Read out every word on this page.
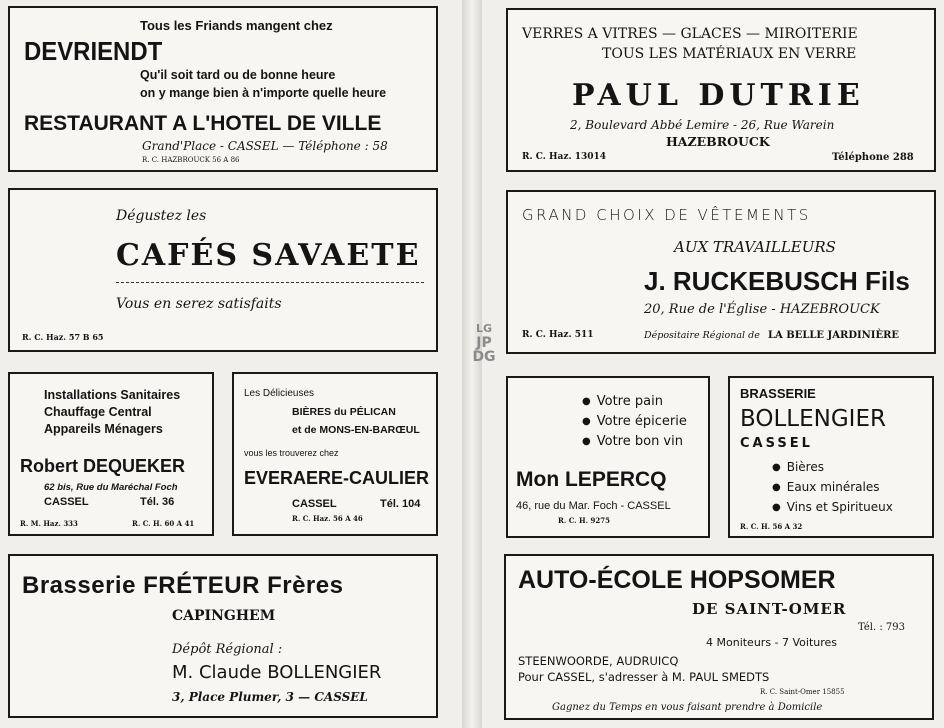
LG
JP
DG
Tous les Friands mangent chez
DEVRIENDT
Qu'il soit tard ou de bonne heure
on y mange bien à n'importe quelle heure
RESTAURANT A L'HOTEL DE VILLE
Grand'Place - CASSEL — Téléphone : 58
R. C. HAZBROUCK 56 A 86
Dégustez les
CAFÉS SAVAETE
Vous en serez satisfaits
R. C. Haz. 57 B 65
Installations Sanitaires
Chauffage Central
Appareils Ménagers
Robert DEQUEKER
62 bis, Rue du Maréchal Foch
CASSEL	Tél. 36
R. M. Haz. 333	R. C. H. 60 A 41
Les Délicieuses
BIÈRES du PÉLICAN
et de MONS-EN-BARŒUL
vous les trouverez chez
EVERAERE-CAULIER
CASSEL	Tél. 104
R. C. Haz. 56 A 46
Brasserie FRÉTEUR Frères
CAPINGHEM
Dépôt Régional :
M. Claude BOLLENGIER
3, Place Plumer, 3 — CASSEL
VERRES A VITRES — GLACES — MIROITERIE
TOUS LES MATÉRIAUX EN VERRE
PAUL DUTRIE
2, Boulevard Abbé Lemire - 26, Rue Warein
HAZEBROUCK
R. C. Haz. 13014	Téléphone 288
GRAND CHOIX DE VÊTEMENTS
AUX TRAVAILLEURS
J. RUCKEBUSCH Fils
20, Rue de l'Église - HAZEBROUCK
R. C. Haz. 511	Dépositaire Régional de LA BELLE JARDINIÈRE
● Votre pain
● Votre épicerie
● Votre bon vin
Mon LEPERCQ
46, rue du Mar. Foch - CASSEL
R. C. H. 9275
BRASSERIE
BOLLENGIER
CASSEL
● Bières
● Eaux minérales
● Vins et Spiritueux
R. C. H. 56 A 32
AUTO-ÉCOLE HOPSOMER
DE SAINT-OMER
Tél. : 793
4 Moniteurs - 7 Voitures
STEENWOORDE, AUDRUICQ
Pour CASSEL, s'adresser à M. PAUL SMEDTS
R. C. Saint-Omer 15855
Gagnez du Temps en vous faisant prendre à Domicile
